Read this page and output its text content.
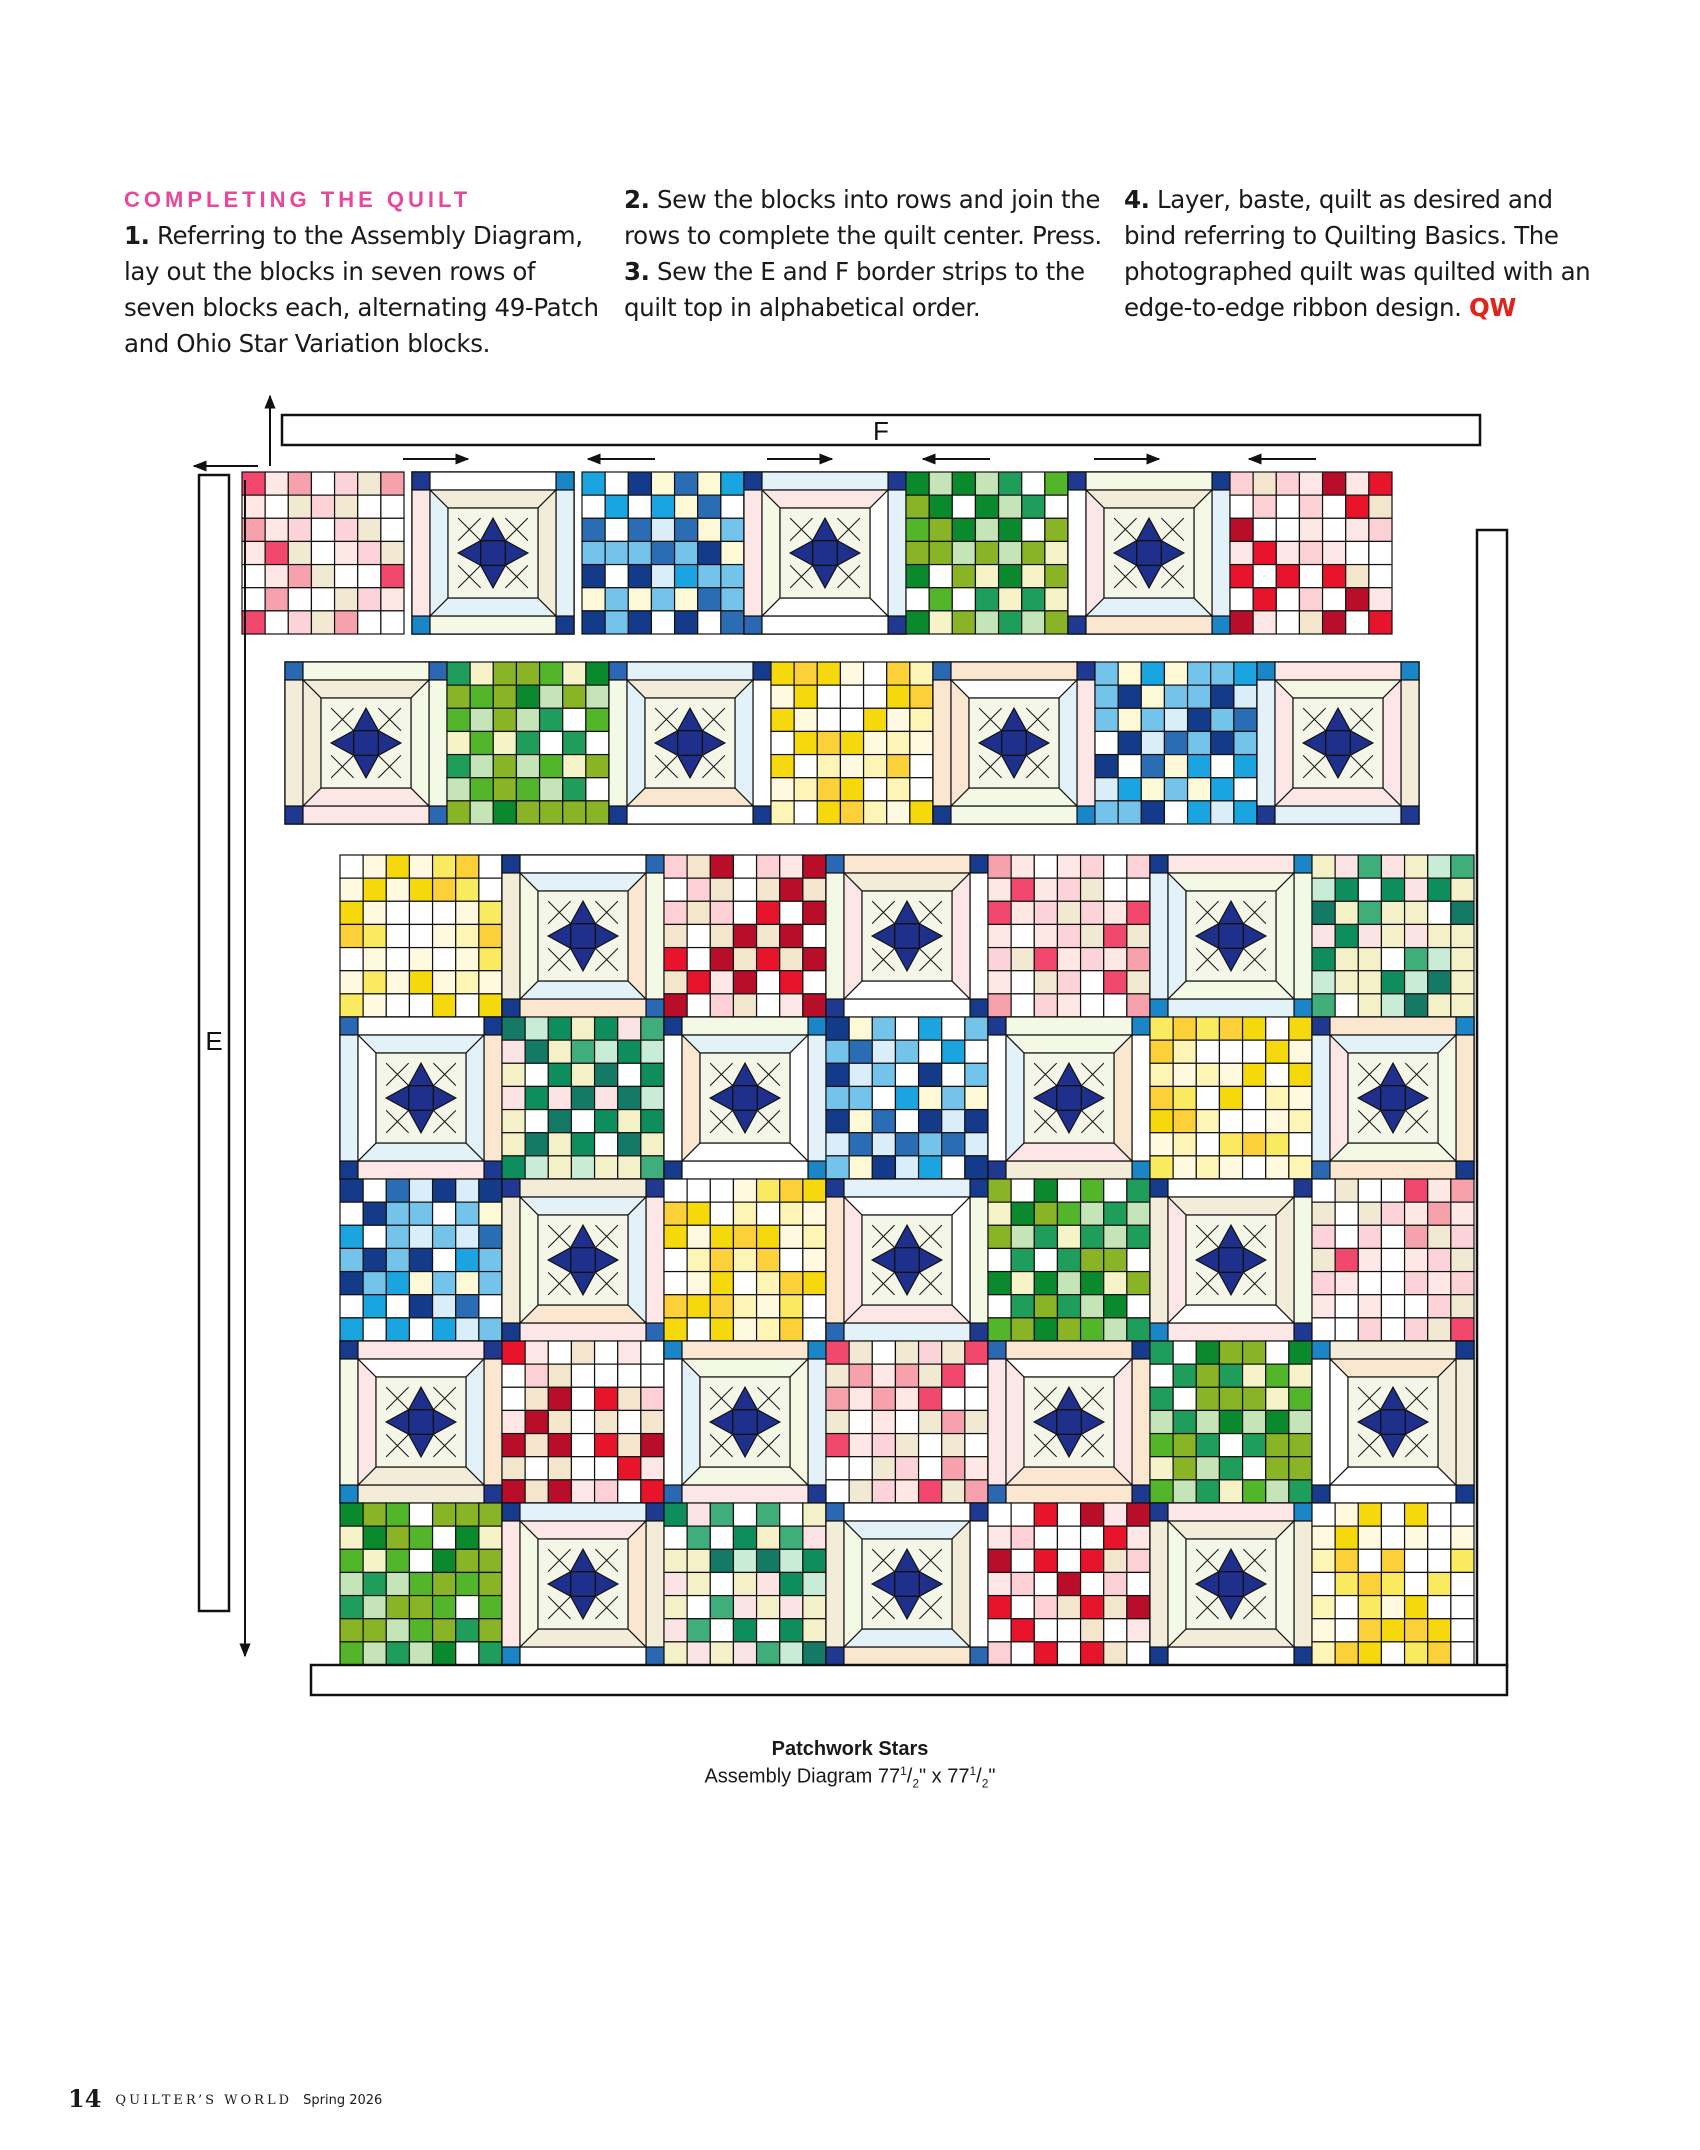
COMPLETING THE QUILT

1. Referring to the Assembly Diagram, lay out the blocks in seven rows of seven blocks each, alternating 49-Patch and Ohio Star Variation blocks.

2. Sew the blocks into rows and join the rows to complete the quilt center. Press.

3. Sew the E and F border strips to the quilt top in alphabetical order.

4. Layer, baste, quilt as desired and bind referring to Quilting Basics. The photographed quilt was quilted with an edge-to-edge ribbon design. QW

F
E
Patchwork Stars
Assembly Diagram $77^1/_2$" x $77^1/_2$"
14 QUILTER’S WORLD Spring 2026
